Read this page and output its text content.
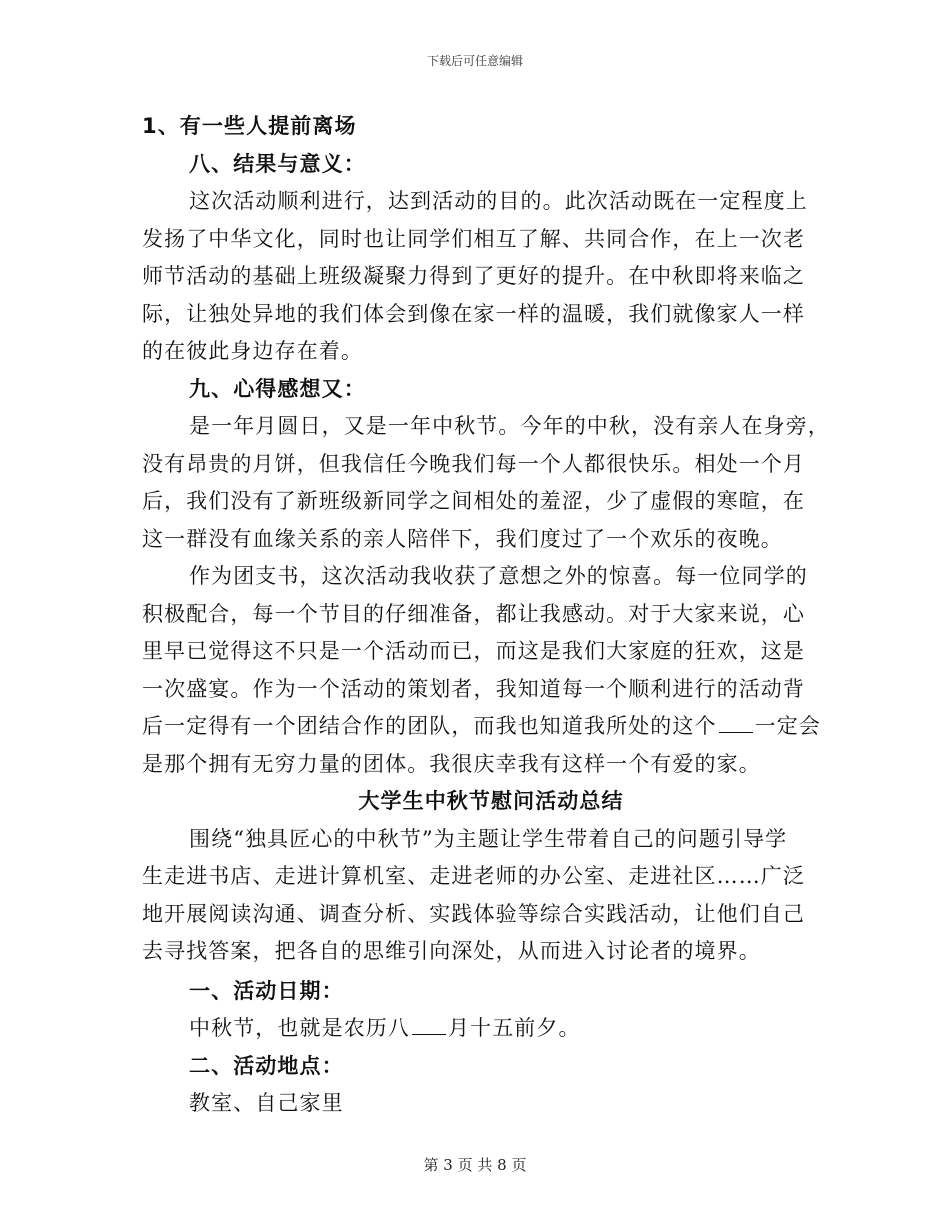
下载后可任意编辑
1、有一些人提前离场
八、结果与意义：
这次活动顺利进行，达到活动的目的。此次活动既在一定程度上
发扬了中华文化，同时也让同学们相互了解、共同合作，在上一次老
师节活动的基础上班级凝聚力得到了更好的提升。在中秋即将来临之
际，让独处异地的我们体会到像在家一样的温暖，我们就像家人一样
的在彼此身边存在着。
九、心得感想又：
是一年月圆日，又是一年中秋节。今年的中秋，没有亲人在身旁，
没有昂贵的月饼，但我信任今晚我们每一个人都很快乐。相处一个月
后，我们没有了新班级新同学之间相处的羞涩，少了虚假的寒暄，在
这一群没有血缘关系的亲人陪伴下，我们度过了一个欢乐的夜晚。
作为团支书，这次活动我收获了意想之外的惊喜。每一位同学的
积极配合，每一个节目的仔细准备，都让我感动。对于大家来说，心
里早已觉得这不只是一个活动而已，而这是我们大家庭的狂欢，这是
一次盛宴。作为一个活动的策划者，我知道每一个顺利进行的活动背
后一定得有一个团结合作的团队，而我也知道我所处的这个 一定会
是那个拥有无穷力量的团体。我很庆幸我有这样一个有爱的家。
大学生中秋节慰问活动总结
围绕“独具匠心的中秋节”为主题让学生带着自己的问题引导学
生走进书店、走进计算机室、走进老师的办公室、走进社区……广泛
地开展阅读沟通、调查分析、实践体验等综合实践活动，让他们自己
去寻找答案，把各自的思维引向深处，从而进入讨论者的境界。
一、活动日期：
中秋节，也就是农历八 月十五前夕。
二、活动地点：
教室、自己家里
第 3 页 共 8 页
